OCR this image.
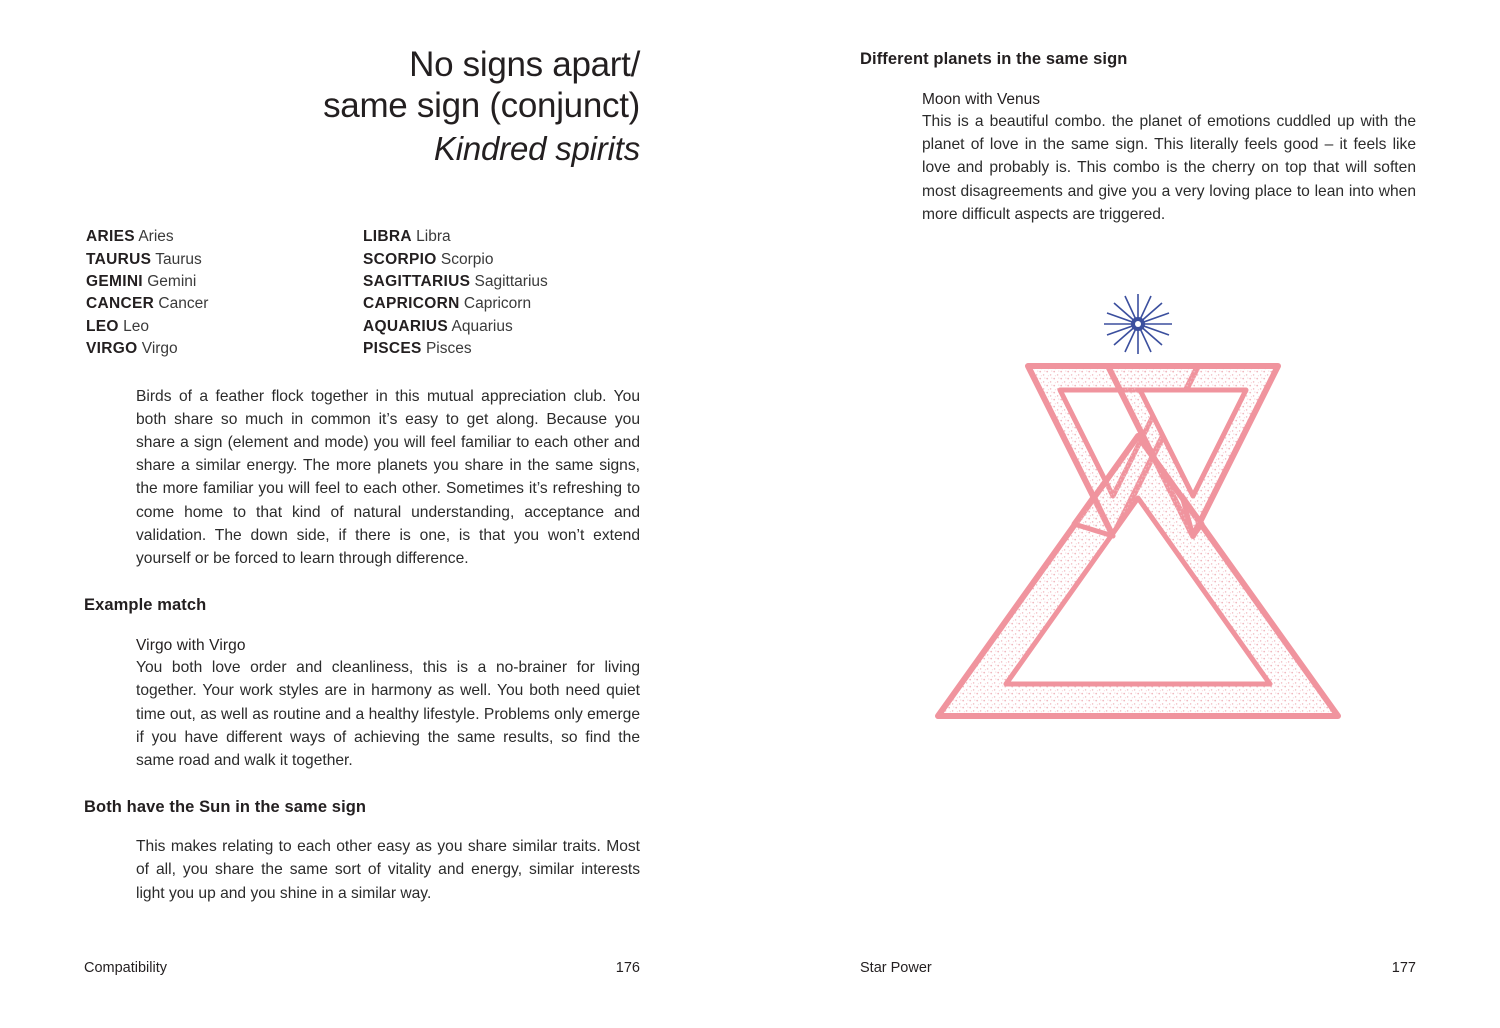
No signs apart/
same sign (conjunct)
Kindred spirits
ARIES Aries
TAURUS Taurus
GEMINI Gemini
CANCER Cancer
LEO Leo
VIRGO Virgo
LIBRA Libra
SCORPIO Scorpio
SAGITTARIUS Sagittarius
CAPRICORN Capricorn
AQUARIUS Aquarius
PISCES Pisces

Birds of a feather flock together in this mutual appreciation club. You both share so much in common it’s easy to get along. Because you share a sign (element and mode) you will feel familiar to each other and share a similar energy. The more planets you share in the same signs, the more familiar you will feel to each other. Sometimes it’s refreshing to come home to that kind of natural understanding, acceptance and validation. The down side, if there is one, is that you won’t extend yourself or be forced to learn through difference.

Example match
Virgo with Virgo

You both love order and cleanliness, this is a no-brainer for living together. Your work styles are in harmony as well. You both need quiet time out, as well as routine and a healthy lifestyle. Problems only emerge if you have different ways of achieving the same results, so find the same road and walk it together.

Both have the Sun in the same sign

This makes relating to each other easy as you share similar traits. Most of all, you share the same sort of vitality and energy, similar interests light you up and you shine in a similar way.

Compatibility	176
Different planets in the same sign
Moon with Venus

This is a beautiful combo. the planet of emotions cuddled up with the planet of love in the same sign. This literally feels good – it feels like love and probably is. This combo is the cherry on top that will soften most disagreements and give you a very loving place to lean into when more difficult aspects are triggered.

Star Power	177
